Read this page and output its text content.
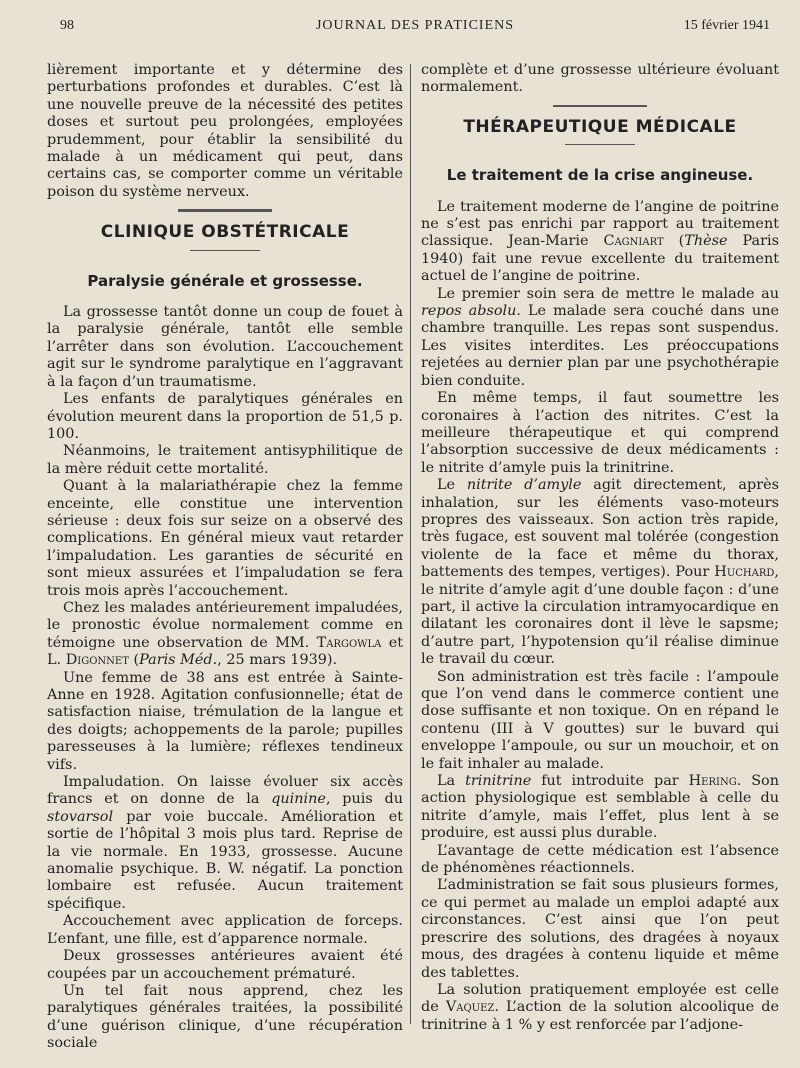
98	JOURNAL DES PRATICIENS	15 février 1941

lièrement importante et y détermine des perturbations profondes et durables. C’est là une nouvelle preuve de la nécessité des petites doses et surtout peu prolongées, employées prudemment, pour établir la sensibilité du malade à un médicament qui peut, dans certains cas, se comporter comme un véritable poison du système nerveux.

CLINIQUE OBSTÉTRICALE
Paralysie générale et grossesse.

La grossesse tantôt donne un coup de fouet à la paralysie générale, tantôt elle semble l’arrêter dans son évolution. L’accouchement agit sur le syndrome paralytique en l’aggravant à la façon d’un traumatisme.

Les enfants de paralytiques générales en évolution meurent dans la proportion de 51,5 p. 100.

Néanmoins, le traitement antisyphilitique de la mère réduit cette mortalité.

Quant à la malariathérapie chez la femme enceinte, elle constitue une intervention sérieuse : deux fois sur seize on a observé des complications. En général mieux vaut retarder l’impaludation. Les garanties de sécurité en sont mieux assurées et l’impaludation se fera trois mois après l’accouchement.

Chez les malades antérieurement impaludées, le pronostic évolue normalement comme en témoigne une observation de MM. Targowla et L. Digonnet (Paris Méd., 25 mars 1939).

Une femme de 38 ans est entrée à Sainte-Anne en 1928. Agitation confusionnelle; état de satisfaction niaise, trémulation de la langue et des doigts; achoppements de la parole; pupilles paresseuses à la lumière; réflexes tendineux vifs.

Impaludation. On laisse évoluer six accès francs et on donne de la quinine, puis du stovarsol par voie buccale. Amélioration et sortie de l’hôpital 3 mois plus tard. Reprise de la vie normale. En 1933, grossesse. Aucune anomalie psychique. B. W. négatif. La ponction lombaire est refusée. Aucun traitement spécifique.

Accouchement avec application de forceps. L’enfant, une fille, est d’apparence normale.

Deux grossesses antérieures avaient été coupées par un accouchement prématuré.

Un tel fait nous apprend, chez les paralytiques générales traitées, la possibilité d’une guérison clinique, d’une récupération sociale

complète et d’une grossesse ultérieure évoluant normalement.

THÉRAPEUTIQUE MÉDICALE
Le traitement de la crise angineuse.

Le traitement moderne de l’angine de poitrine ne s’est pas enrichi par rapport au traitement classique. Jean-Marie Cagniart (Thèse Paris 1940) fait une revue excellente du traitement actuel de l’angine de poitrine.

Le premier soin sera de mettre le malade au repos absolu. Le malade sera couché dans une chambre tranquille. Les repas sont suspendus. Les visites interdites. Les préoccupations rejetées au dernier plan par une psychothérapie bien conduite.

En même temps, il faut soumettre les coronaires à l’action des nitrites. C’est la meilleure thérapeutique et qui comprend l’absorption successive de deux médicaments : le nitrite d’amyle puis la trinitrine.

Le nitrite d’amyle agit directement, après inhalation, sur les éléments vaso-moteurs propres des vaisseaux. Son action très rapide, très fugace, est souvent mal tolérée (congestion violente de la face et même du thorax, battements des tempes, vertiges). Pour Huchard, le nitrite d’amyle agit d’une double façon : d’une part, il active la circulation intramyocardique en dilatant les coronaires dont il lève le sapsme; d’autre part, l’hypotension qu’il réalise diminue le travail du cœur.

Son administration est très facile : l’ampoule que l’on vend dans le commerce contient une dose suffisante et non toxique. On en répand le contenu (III à V gouttes) sur le buvard qui enveloppe l’ampoule, ou sur un mouchoir, et on le fait inhaler au malade.

La trinitrine fut introduite par Hering. Son action physiologique est semblable à celle du nitrite d’amyle, mais l’effet, plus lent à se produire, est aussi plus durable.

L’avantage de cette médication est l’absence de phénomènes réactionnels.

L’administration se fait sous plusieurs formes, ce qui permet au malade un emploi adapté aux circonstances. C’est ainsi que l’on peut prescrire des solutions, des dragées à noyaux mous, des dragées à contenu liquide et même des tablettes.

La solution pratiquement employée est celle de Vaquez. L’action de la solution alcoolique de trinitrine à 1 % y est renforcée par l’adjone-
